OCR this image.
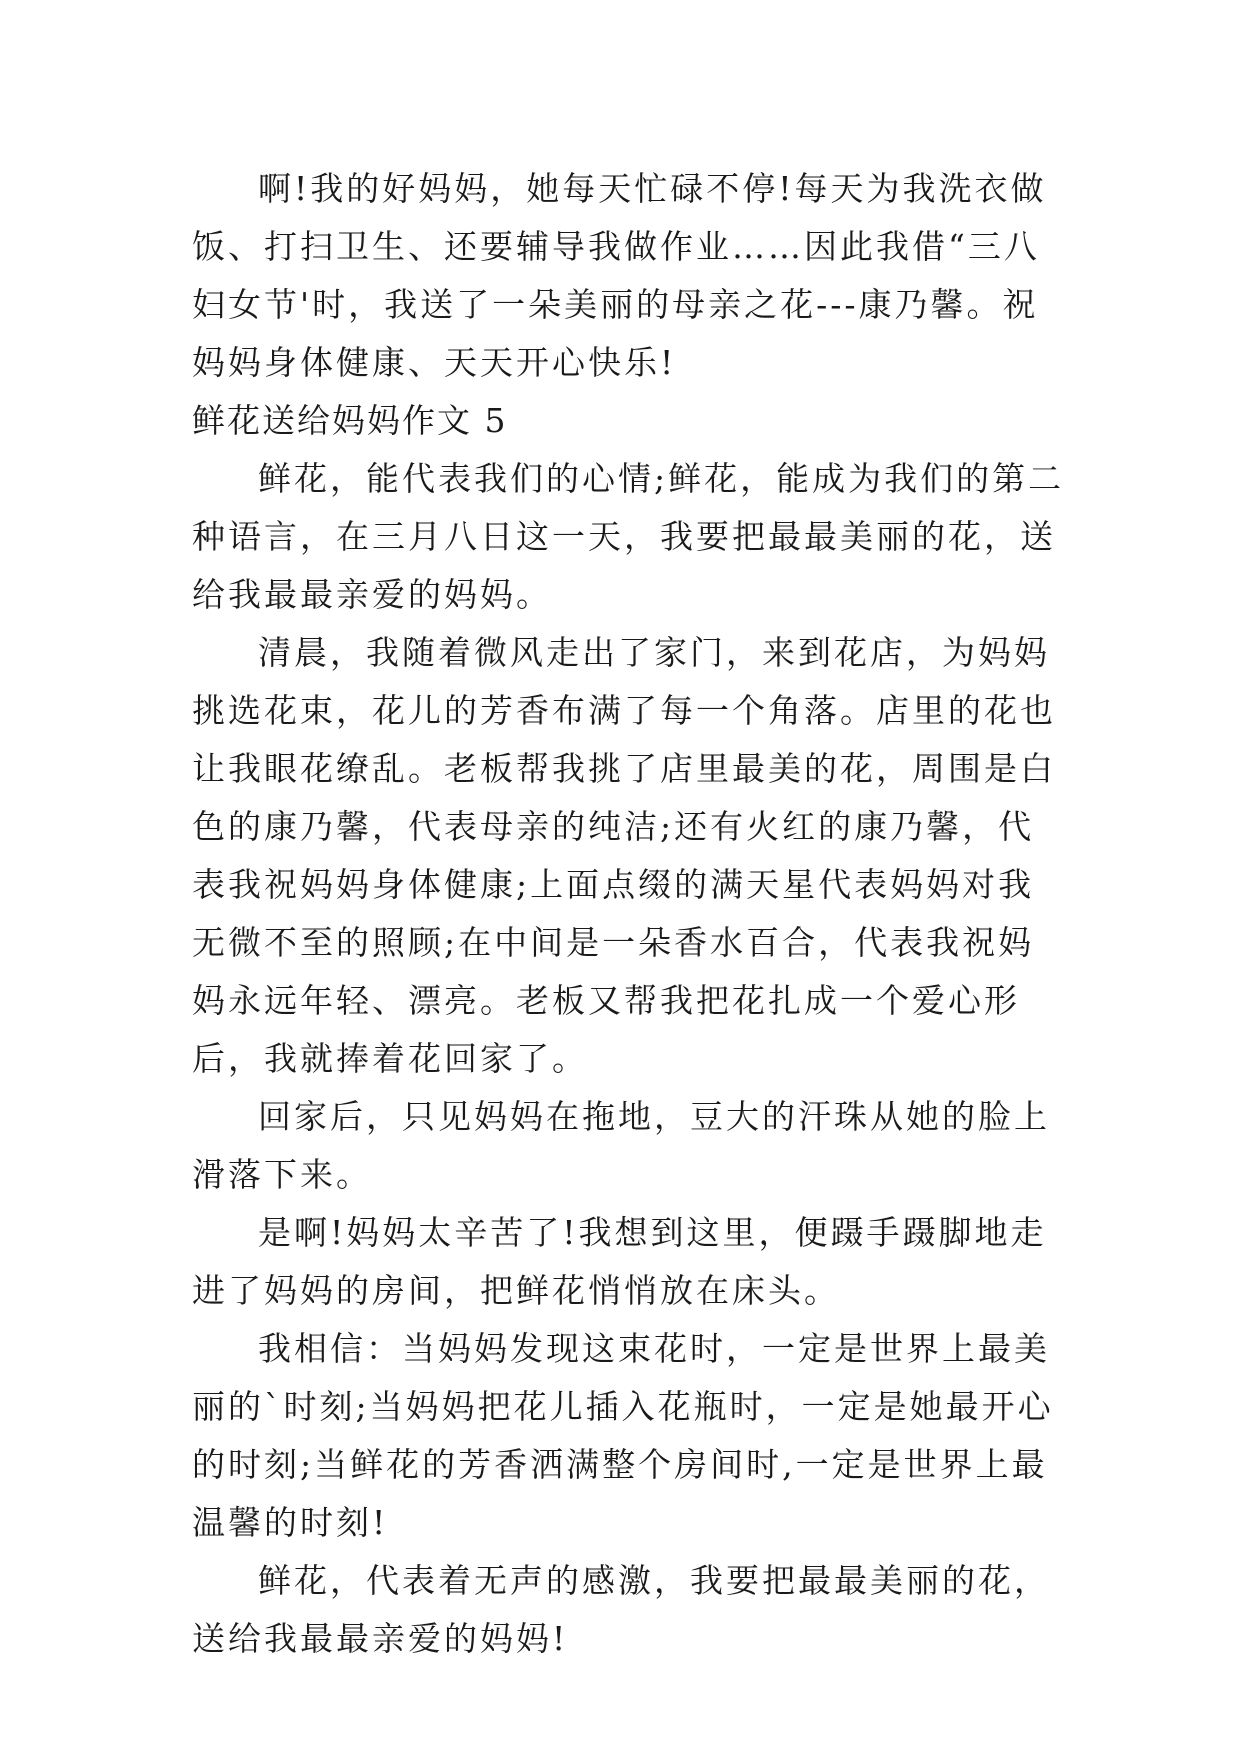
啊!我的好妈妈，她每天忙碌不停!每天为我洗衣做饭、打扫卫生、还要辅导我做作业……因此我借“三八妇女节'时，我送了一朵美丽的母亲之花---康乃馨。祝妈妈身体健康、天天开心快乐!

鲜花送给妈妈作文 5

鲜花，能代表我们的心情;鲜花，能成为我们的第二种语言，在三月八日这一天，我要把最最美丽的花，送给我最最亲爱的妈妈。

清晨，我随着微风走出了家门，来到花店，为妈妈挑选花束，花儿的芳香布满了每一个角落。店里的花也让我眼花缭乱。老板帮我挑了店里最美的花，周围是白色的康乃馨，代表母亲的纯洁;还有火红的康乃馨，代表我祝妈妈身体健康;上面点缀的满天星代表妈妈对我无微不至的照顾;在中间是一朵香水百合，代表我祝妈妈永远年轻、漂亮。老板又帮我把花扎成一个爱心形后，我就捧着花回家了。

回家后，只见妈妈在拖地，豆大的汗珠从她的脸上滑落下来。

是啊!妈妈太辛苦了!我想到这里，便蹑手蹑脚地走进了妈妈的房间，把鲜花悄悄放在床头。

我相信：当妈妈发现这束花时，一定是世界上最美丽的`时刻;当妈妈把花儿插入花瓶时，一定是她最开心的时刻;当鲜花的芳香洒满整个房间时,一定是世界上最温馨的时刻!

鲜花，代表着无声的感激，我要把最最美丽的花，送给我最最亲爱的妈妈!
